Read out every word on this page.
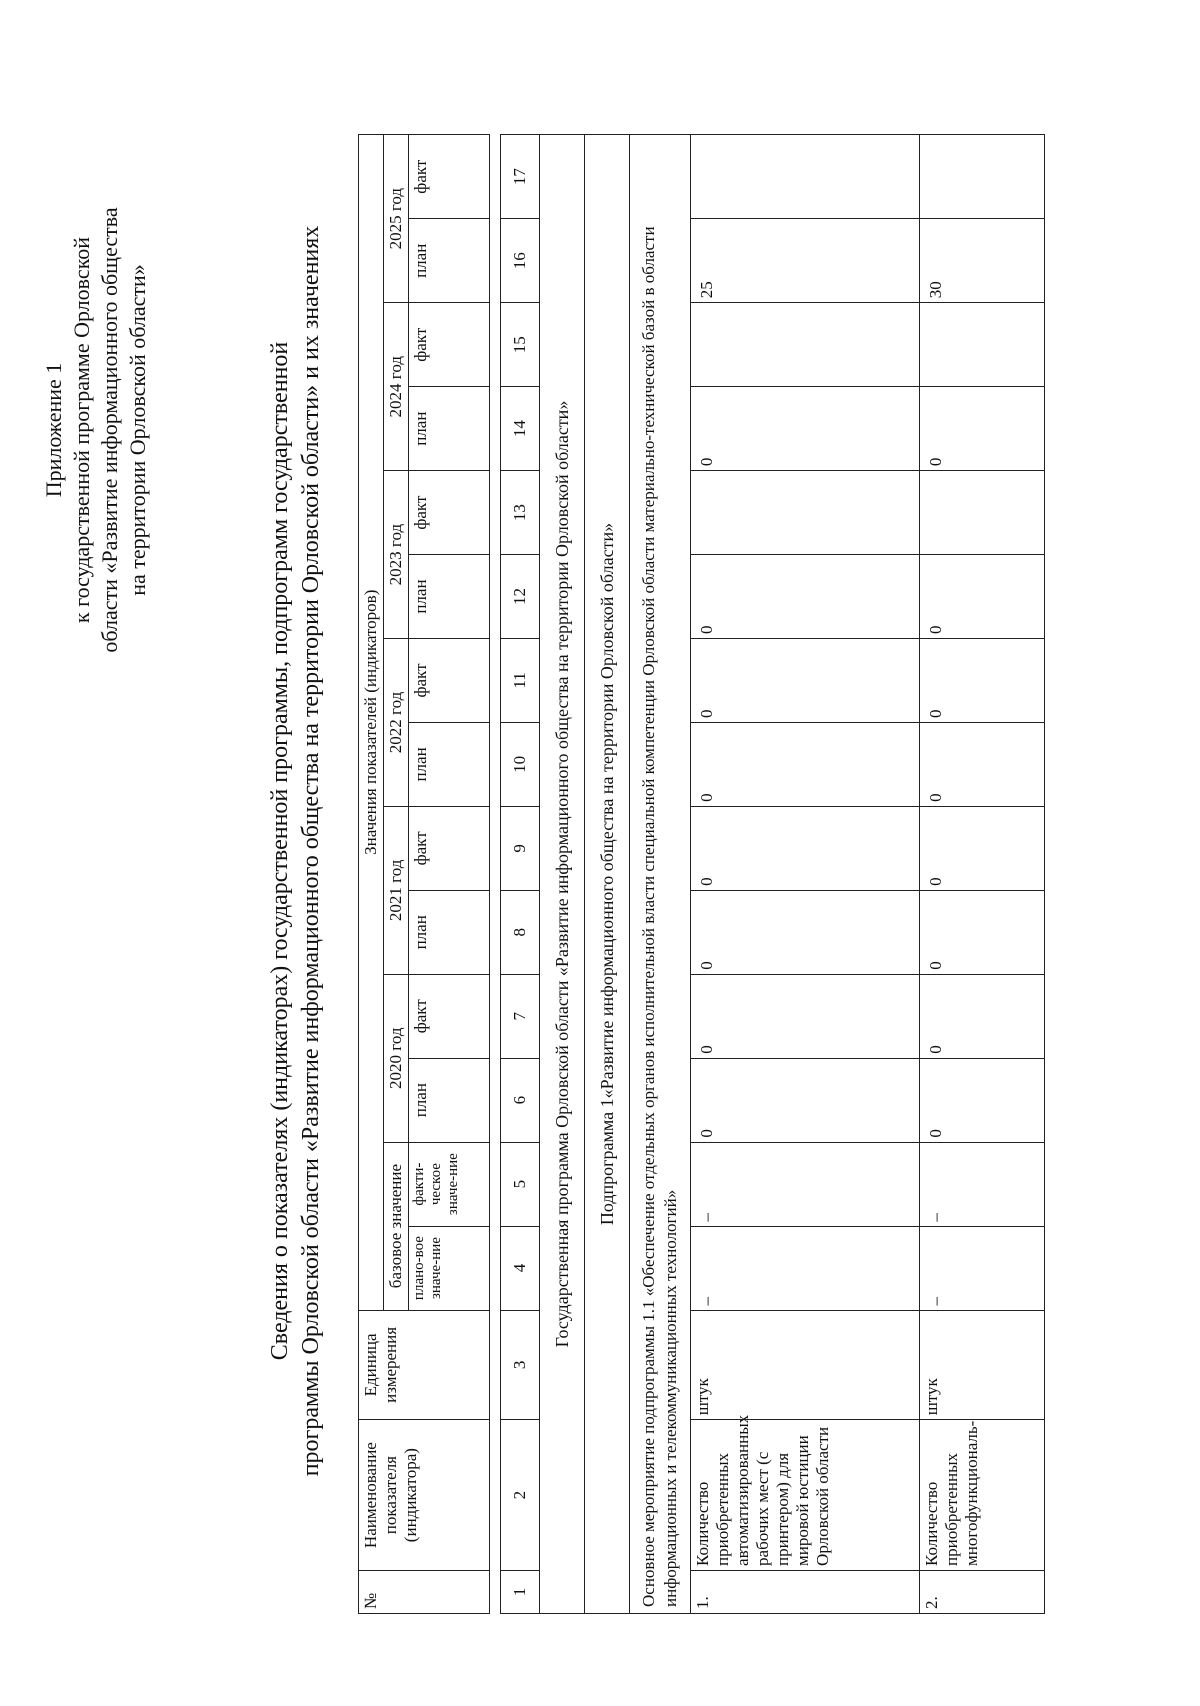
Приложение 1 к государственной программе Орловской области «Развитие информационного общества на территории Орловской области»	Сведения о показателях (индикаторах) государственной программы, подпрограмм государственной программы Орловской области «Развитие информационного общества на территории Орловской области» и их значениях
№	Наименование показателя (индикатора)	Единица измерения	Значения показателей (индикаторов)													
			базовое значение		2020 год		2021 год		2022 год		2023 год		2024 год		2025 год	
			плано-вое значе-ние	факти-ческое значе-ние	план	факт	план	факт	план	факт	план	факт	план	факт	план	факт

1	2	3	4	5	6	7	8	9	10	11	12	13	14	15	16	17
Государственная программа Орловской области «Развитие информационного общества на территории Орловской области»																
Подпрограмма 1«Развитие информационного общества на территории Орловской области»																
Основное мероприятие подпрограммы 1.1 «Обеспечение отдельных органов исполнительной власти специальной компетенции Орловской области материально-технической базой в области информационных и телекоммуникационных технологий»																
1.	Количество приобретенных автоматизированных рабочих мест (с принтером) для мировой юстиции Орловской области	штук	–	–	0	0	0	0	0	0	0		0		25	
2.	Количество приобретенных многофункциональ-	штук	–	–	0	0	0	0	0	0	0		0		30	
